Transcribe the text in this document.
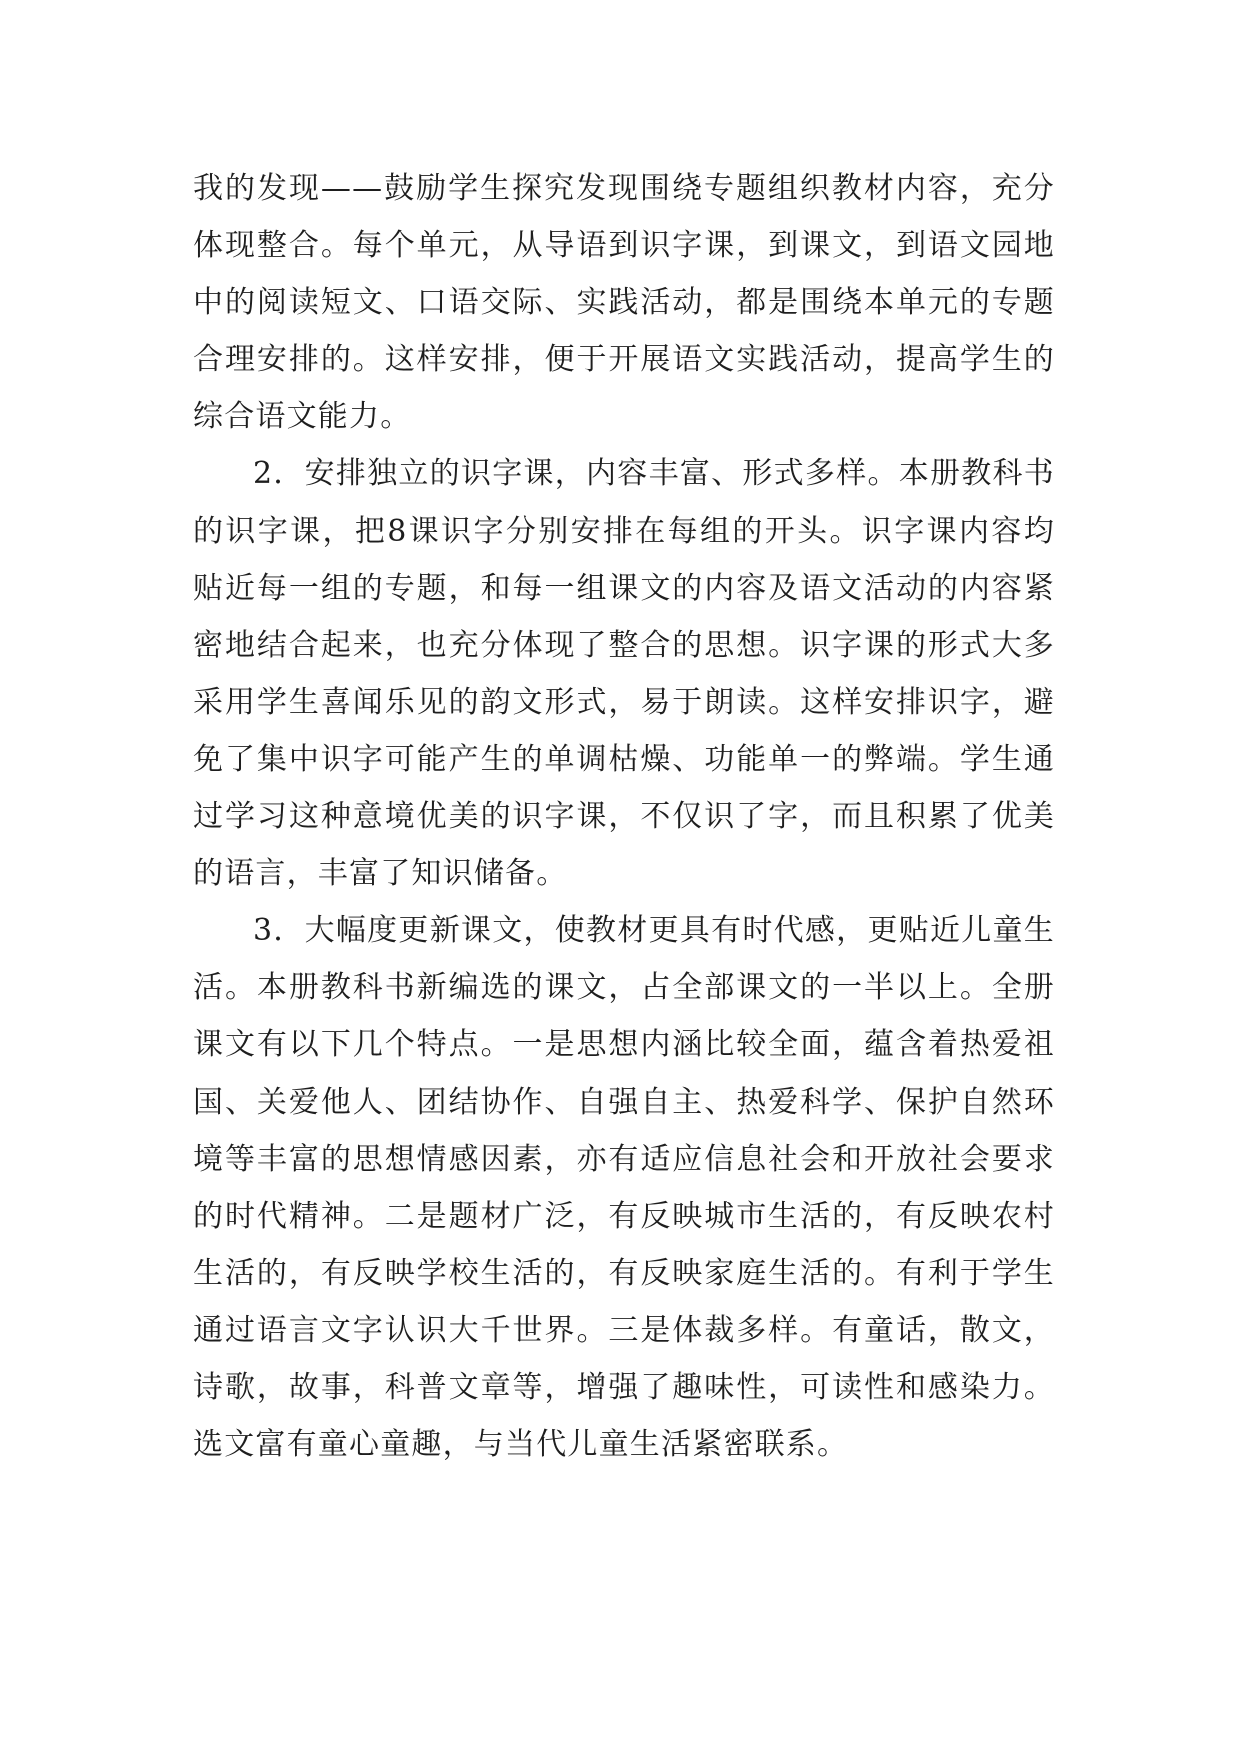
我的发现——鼓励学生探究发现围绕专题组织教材内容，充分体现整合。每个单元，从导语到识字课，到课文，到语文园地中的阅读短文、口语交际、实践活动，都是围绕本单元的专题合理安排的。这样安排，便于开展语文实践活动，提高学生的综合语文能力。

2．安排独立的识字课，内容丰富、形式多样。本册教科书的识字课，把8课识字分别安排在每组的开头。识字课内容均贴近每一组的专题，和每一组课文的内容及语文活动的内容紧密地结合起来，也充分体现了整合的思想。识字课的形式大多采用学生喜闻乐见的韵文形式，易于朗读。这样安排识字，避免了集中识字可能产生的单调枯燥、功能单一的弊端。学生通过学习这种意境优美的识字课，不仅识了字，而且积累了优美的语言，丰富了知识储备。

3．大幅度更新课文，使教材更具有时代感，更贴近儿童生活。本册教科书新编选的课文，占全部课文的一半以上。全册课文有以下几个特点。一是思想内涵比较全面，蕴含着热爱祖国、关爱他人、团结协作、自强自主、热爱科学、保护自然环境等丰富的思想情感因素，亦有适应信息社会和开放社会要求的时代精神。二是题材广泛，有反映城市生活的，有反映农村生活的，有反映学校生活的，有反映家庭生活的。有利于学生通过语言文字认识大千世界。三是体裁多样。有童话，散文，诗歌，故事，科普文章等，增强了趣味性，可读性和感染力。选文富有童心童趣，与当代儿童生活紧密联系。
